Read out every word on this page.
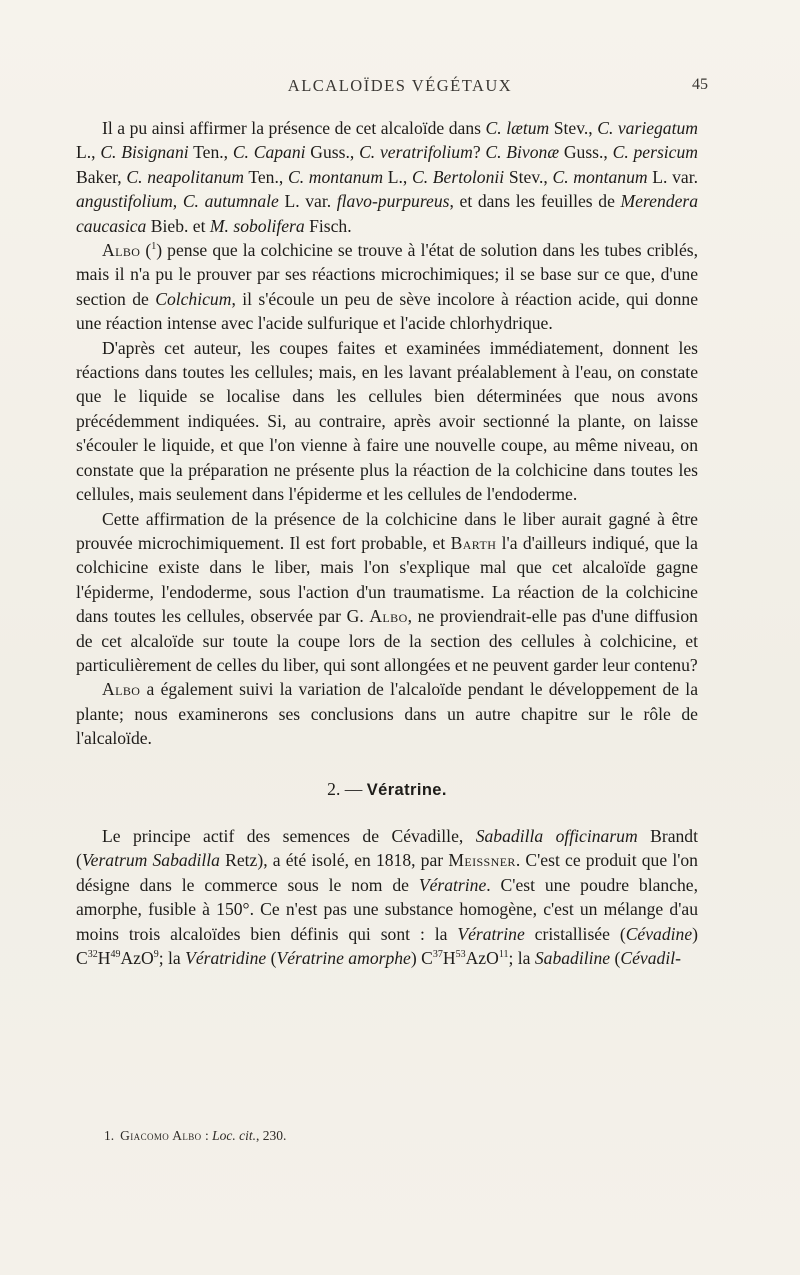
ALCALOÏDES VÉGÉTAUX	45

Il a pu ainsi affirmer la présence de cet alcaloïde dans C. lætum Stev., C. variegatum L., C. Bisignani Ten., C. Capani Guss., C. veratrifolium? C. Bivonæ Guss., C. persicum Baker, C. neapolitanum Ten., C. montanum L., C. Bertolonii Stev., C. montanum L. var. angustifolium, C. autumnale L. var. flavo-purpureus, et dans les feuilles de Merendera caucasica Bieb. et M. sobolifera Fisch.

Albo ($^1$) pense que la colchicine se trouve à l'état de solution dans les tubes criblés, mais il n'a pu le prouver par ses réactions microchimiques; il se base sur ce que, d'une section de Colchicum, il s'écoule un peu de sève incolore à réaction acide, qui donne une réaction intense avec l'acide sulfurique et l'acide chlorhydrique.

D'après cet auteur, les coupes faites et examinées immédiatement, donnent les réactions dans toutes les cellules; mais, en les lavant préalablement à l'eau, on constate que le liquide se localise dans les cellules bien déterminées que nous avons précédemment indiquées. Si, au contraire, après avoir sectionné la plante, on laisse s'écouler le liquide, et que l'on vienne à faire une nouvelle coupe, au même niveau, on constate que la préparation ne présente plus la réaction de la colchicine dans toutes les cellules, mais seulement dans l'épiderme et les cellules de l'endoderme.

Cette affirmation de la présence de la colchicine dans le liber aurait gagné à être prouvée microchimiquement. Il est fort probable, et Barth l'a d'ailleurs indiqué, que la colchicine existe dans le liber, mais l'on s'explique mal que cet alcaloïde gagne l'épiderme, l'endoderme, sous l'action d'un traumatisme. La réaction de la colchicine dans toutes les cellules, observée par G. Albo, ne proviendrait-elle pas d'une diffusion de cet alcaloïde sur toute la coupe lors de la section des cellules à colchicine, et particulièrement de celles du liber, qui sont allongées et ne peuvent garder leur contenu?

Albo a également suivi la variation de l'alcaloïde pendant le développement de la plante; nous examinerons ses conclusions dans un autre chapitre sur le rôle de l'alcaloïde.

2. — Vératrine.

Le principe actif des semences de Cévadille, Sabadilla officinarum Brandt (Veratrum Sabadilla Retz), a été isolé, en 1818, par Meissner. C'est ce produit que l'on désigne dans le commerce sous le nom de Vératrine. C'est une poudre blanche, amorphe, fusible à 150°. Ce n'est pas une substance homogène, c'est un mélange d'au moins trois alcaloïdes bien définis qui sont : la Vératrine cristallisée (Cévadine) $C^{32}H^{49}AzO^9$; la Vératridine (Vératrine amorphe) $C^{37}H^{53}AzO^{11}$; la Sabadiline (Cévadil-

1. Giacomo Albo : Loc. cit., 230.
